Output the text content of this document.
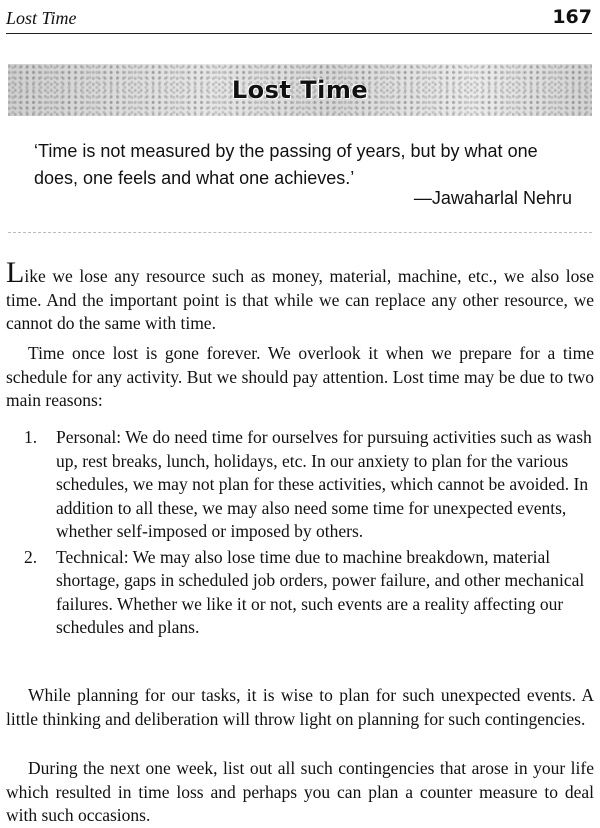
Lost Time	167
Lost Time
‘Time is not measured by the passing of years, but by what one does, one feels and what one achieves.’
—Jawaharlal Nehru
Like we lose any resource such as money, material, machine, etc., we also lose time. And the important point is that while we can replace any other resource, we cannot do the same with time.
Time once lost is gone forever. We overlook it when we prepare for a time schedule for any activity. But we should pay attention. Lost time may be due to two main reasons:
1. Personal: We do need time for ourselves for pursuing activities such as wash up, rest breaks, lunch, holidays, etc. In our anxiety to plan for the various schedules, we may not plan for these activities, which cannot be avoided. In addition to all these, we may also need some time for unexpected events, whether self-imposed or imposed by others.
2. Technical: We may also lose time due to machine breakdown, material shortage, gaps in scheduled job orders, power failure, and other mechanical failures. Whether we like it or not, such events are a reality affecting our schedules and plans.
While planning for our tasks, it is wise to plan for such unexpected events. A little thinking and deliberation will throw light on planning for such contingencies.
During the next one week, list out all such contingencies that arose in your life which resulted in time loss and perhaps you can plan a counter measure to deal with such occasions.
